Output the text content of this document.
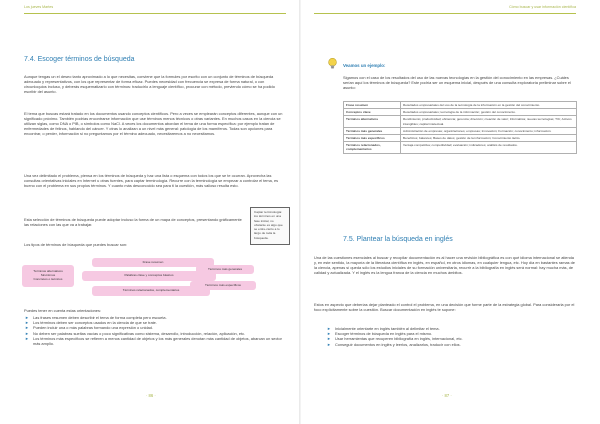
Los jueves Martes
7.4. Escoger términos de búsqueda

Aunque tengas un el deseo tanto aproximado a lo que necesitas, conviene que la formules por escrito con un conjunto de términos de búsqueda adecuado y representativos, con los que representar de forma eficaz. Puedes necesidad con frecuencia se expresa de forma natural, o con circunloquios incluso, y deberás esquematizarlo con términos: traducirlo a lenguaje científico, procurar con método, previendo cómo se ha podido escribir del asunto.

El tema que buscas estará tratado en los documentos usando conceptos científicos. Pero a veces se emplearán conceptos diferentes, aunque con un significado próximo. También podrías encontrarse información que use términos menos técnicos o otras variantes. En muchos casos en la ciencia se utilizan siglas, como DNA o PIB, o símbolos como NaCl. A veces los documentos abordan el tema de una forma específica: por ejemplo tratan de enfermedades de felinos, hablando del cáncer. Y otras lo analizan a un nivel más general: patología de los mamíferos. Todas son opciones para encontrar, o perder, información si no preguntamos por el término adecuado, necesitaremos a no necesitamos.

Una vez delimitado el problema, piensa en los términos de búsqueda y haz una lista o esquema con todos los que se te ocurran. Aprovecha las consultas orientativas iniciales en Internet u otras fuentes, para captar terminología. Recurre con la terminología se empezar a controlar el tema, es bueno con el problema en sus propios términos. Y cuanto más desconocido sea para ti la cuestión, más valioso resulta esto.

Esta selección de términos de búsqueda puede adoptar incluso la forma de un mapa de conceptos, presentando gráficamente las relaciones con las que va a trabajar.

Captar terminología: los términos en una fase inicial, no obstante es algo que se entre-cierto a lo largo de toda la búsqueda.

Los tipos de términos de búsqueda que puedes buscar son:

Frase resumen
Términos alternativos
Sinónimos
Concretos o técnicos
Palabras clave y conceptos básicos
Términos más generales
Términos relacionados, complementarios
Términos más específicos

Puedes tener en cuenta estas orientaciones:

► Las frases resumen deben describir el tema de forma completa pero escueta.
► Los términos deben ser conceptos usados en la ciencia de que se trate.
► Pueden incluir una o más palabras formando una expresión o unidad.
► No deben ser palabras sueltas vacías o poco significativas como sistema, desarrollo, introducción, relación, aplicación, etc.
► Los términos más específicos se refieren a menos cantidad de objetos y los más generales denotan más cantidad de objetos, abarcan un sector más amplio.
· 86 ·
Cómo buscar y usar información científica
Veamos un ejemplo:

Sigamos con el caso de los resultados del uso de las nuevas tecnologías en la gestión del conocimiento en las empresas. ¿Cuáles serían aquí los términos de búsqueda? Este podría ser un esquema inicial, después de una consulta exploratoria preliminar sobre el asunto:

Frase resumen	Resultados empresariales del uso de la tecnología de la información en la gestión del conocimiento.
Conceptos clave	Resultados empresariales; tecnología de la información; gestión del conocimiento.
Términos alternativos	Rendimiento; productividad; eficiencia; gerencia; dirección; creación de valor; Informática; nuevas tecnologías; TIC; Activos intangibles; capital intelectual.
Términos más generales	Administración de empresas; organizaciones; empresas; Innovación; Formación; conocimiento; información.
Términos más específicos	Beneficios; balances; Bases de datos; gestión de la información; Conocimiento tácito.
Términos relacionados, complementarios	Ventaja competitiva; competitividad; evaluación; indicadores; análisis de resultados.
7.5. Plantear la búsqueda en inglés

Una de las cuestiones esenciales al buscar y recopilar documentación es al hacer una revisión bibliográfica es con qué idioma internacional se atienda y, en este sentido, la mayoría de la literatura científica en inglés, en español, en otros idiomas, en cualquier lengua, etc. Hoy día en bastantes ramas de la ciencia, apenas sí queda sólo los estudios iniciales de su formación universitaria, recurrir a la bibliografía en inglés será normal: hay mucha más, de calidad y actualizada. Y el inglés es la lengua franca de la ciencia en muchos ámbitos.

Estos en aspecto que deberías dejar planteado el control el problema, en una decisión que forme parte de la estrategia global. Para considerarla por el foco explícitamente sobre la cuestión. Buscar documentación en inglés te supone:

► Inicialmente orientarte en inglés también al delimitar el tema.
► Escoger términos de búsqueda en inglés para el mismo.
► Usar herramientas que recuperen bibliografía en inglés, internacional, etc.
► Conseguir documentos en inglés y leerlos, analizarlos, traducir con ellos.
· 87 ·
